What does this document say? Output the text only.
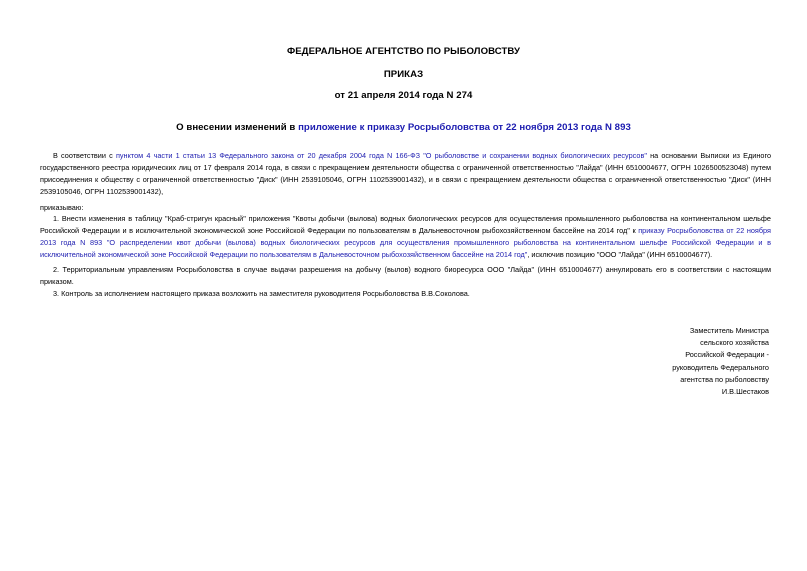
ФЕДЕРАЛЬНОЕ АГЕНТСТВО ПО РЫБОЛОВСТВУ
ПРИКАЗ
от 21 апреля 2014 года N 274
О внесении изменений в приложение к приказу Росрыболовства от 22 ноября 2013 года N 893
В соответствии с пунктом 4 части 1 статьи 13 Федерального закона от 20 декабря 2004 года N 166-ФЗ "О рыболовстве и сохранении водных биологических ресурсов" на основании Выписки из Единого государственного реестра юридических лиц от 17 февраля 2014 года, в связи с прекращением деятельности общества с ограниченной ответственностью "Лайда" (ИНН 6510004677, ОГРН 1026500523048) путем присоединения к обществу с ограниченной ответственностью "Диск" (ИНН 2539105046, ОГРН 1102539001432), и в связи с прекращением деятельности общества с ограниченной ответственностью "Диск" (ИНН 2539105046, ОГРН 1102539001432),
приказываю:
1. Внести изменения в таблицу "Краб-стригун красный" приложения "Квоты добычи (вылова) водных биологических ресурсов для осуществления промышленного рыболовства на континентальном шельфе Российской Федерации и в исключительной экономической зоне Российской Федерации по пользователям в Дальневосточном рыбохозяйственном бассейне на 2014 год" к приказу Росрыболовства от 22 ноября 2013 года N 893 "О распределении квот добычи (вылова) водных биологических ресурсов для осуществления промышленного рыболовства на континентальном шельфе Российской Федерации и в исключительной экономической зоне Российской Федерации по пользователям в Дальневосточном рыбохозяйственном бассейне на 2014 год", исключив позицию "ООО "Лайда" (ИНН 6510004677).
2. Территориальным управлениям Росрыболовства в случае выдачи разрешения на добычу (вылов) водного биоресурса ООО "Лайда" (ИНН 6510004677) аннулировать его в соответствии с настоящим приказом.
3. Контроль за исполнением настоящего приказа возложить на заместителя руководителя Росрыболовства В.В.Соколова.
Заместитель Министра
сельского хозяйства
Российской Федерации -
руководитель Федерального
агентства по рыболовству
И.В.Шестаков
